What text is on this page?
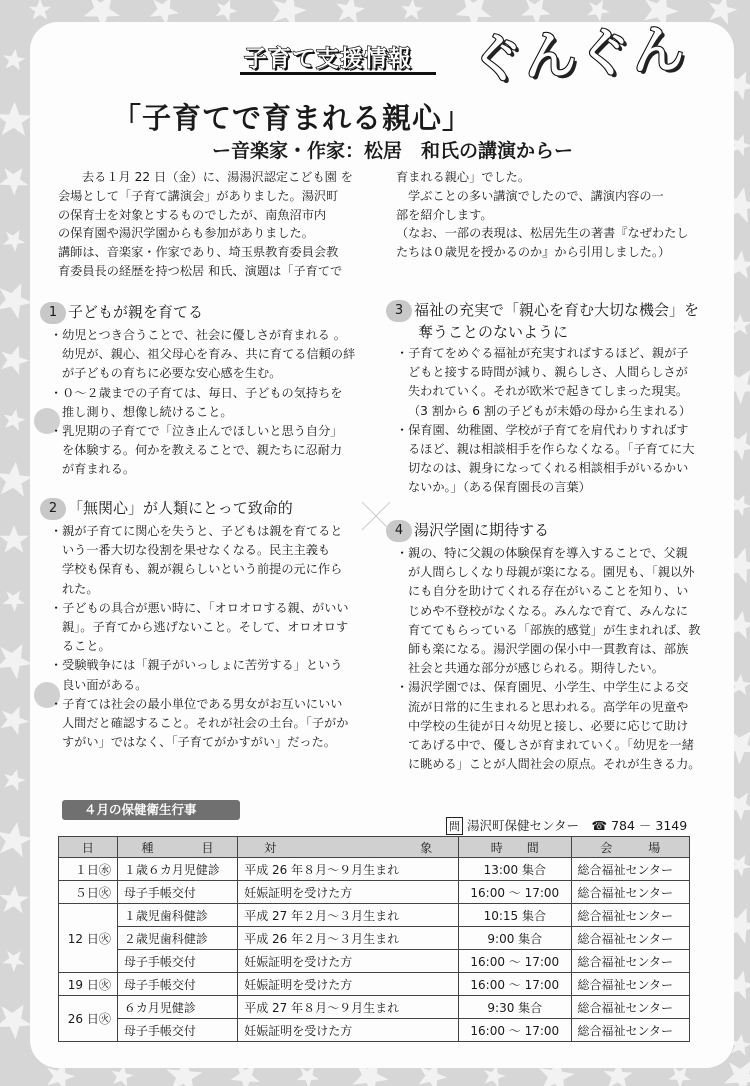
子育て支援情報 ぐんぐん
「子育てで育まれる親心」
ー音楽家・作家：松居　和氏の講演からー
去る１月 22 日（金）に、湯湯沢認定こども園 を
会場として「子育て講演会」がありました。湯沢町
の保育士を対象とするものでしたが、南魚沼市内
の保育園や湯沢学園からも参加がありました。
講師は、音楽家・作家であり、埼玉県教育委員会教
育委員長の経歴を持つ松居 和氏、演題は「子育てで
育まれる親心」でした。
学ぶことの多い講演でしたので、講演内容の一
部を紹介します。
（なお、一部の表現は、松居先生の著書『なぜわたし
たちは０歳児を授かるのか』から引用しました。）
1 子どもが親を育てる
・幼児とつき合うことで、社会に優しさが育まれる 。
幼児が、親心、祖父母心を育み、共に育てる信頼の絆
が子どもの育ちに必要な安心感を生む。
・０～２歳までの子育ては、毎日、子どもの気持ちを
推し測り、想像し続けること。
・乳児期の子育てで「泣き止んでほしいと思う自分」
を体験する。何かを教えることで、親たちに忍耐力
が育まれる。
2 「無関心」が人類にとって致命的
・親が子育てに関心を失うと、子どもは親を育てると
いう一番大切な役割を果せなくなる。民主主義も
学校も保育も、親が親らしいという前提の元に作ら
れた。
・子どもの具合が悪い時に、「オロオロする親、がいい
親」。子育てから逃げないこと。そして、オロオロす
ること。
・受験戦争には「親子がいっしょに苦労する」という
良い面がある。
・子育ては社会の最小単位である男女がお互いにいい
人間だと確認すること。それが社会の土台。「子がか
すがい」ではなく、「子育てがかすがい」だった。
3 福祉の充実で「親心を育む大切な機会」を
奪うことのないように
・子育てをめぐる福祉が充実すればするほど、親が子
どもと接する時間が減り、親らしさ、人間らしさが
失われていく。それが欧米で起きてしまった現実。
（3 割から 6 割の子どもが未婚の母から生まれる）
・保育園、幼稚園、学校が子育てを肩代わりすればす
るほど、親は相談相手を作らなくなる。「子育てに大
切なのは、親身になってくれる相談相手がいるかい
ないか。」（ある保育園長の言葉）
4 湯沢学園に期待する
・親の、特に父親の体験保育を導入することで、父親
が人間らしくなり母親が楽になる。園児も、「親以外
にも自分を助けてくれる存在がいることを知り、い
じめや不登校がなくなる。みんなで育て、みんなに
育ててもらっている「部族的感覚」が生まれれば、教
師も楽になる。湯沢学園の保小中一貫教育は、部族
社会と共通な部分が感じられる。期待したい。
・湯沢学園では、保育園児、小学生、中学生による交
流が日常的に生まれると思われる。高学年の児童や
中学校の生徒が日々幼児と接し、必要に応じて助け
てあげる中で、優しさが育まれていく。「幼児を一緒
に眺める」ことが人間社会の原点。それが生きる力。
４月の保健衛生行事
問 湯沢町保健センター　 ☎ 784 － 3149
日	種　　　　目	対　　　　　　　　　　　　象	時　　間	会　　　場
１日㊌	１歳６カ月児健診	平成 26 年８月～９月生まれ	13:00 集合	総合福祉センター
５日㊋	母子手帳交付	妊娠証明を受けた方	16:00 ～ 17:00	総合福祉センター
12 日㊋	１歳児歯科健診	平成 27 年２月～３月生まれ	10:15 集合	総合福祉センター
	２歳児歯科健診	平成 26 年２月～３月生まれ	9:00 集合	総合福祉センター
	母子手帳交付	妊娠証明を受けた方	16:00 ～ 17:00	総合福祉センター
19 日㊋	母子手帳交付	妊娠証明を受けた方	16:00 ～ 17:00	総合福祉センター
26 日㊋	６カ月児健診	平成 27 年８月～９月生まれ	9:30 集合	総合福祉センター
	母子手帳交付	妊娠証明を受けた方	16:00 ～ 17:00	総合福祉センター
